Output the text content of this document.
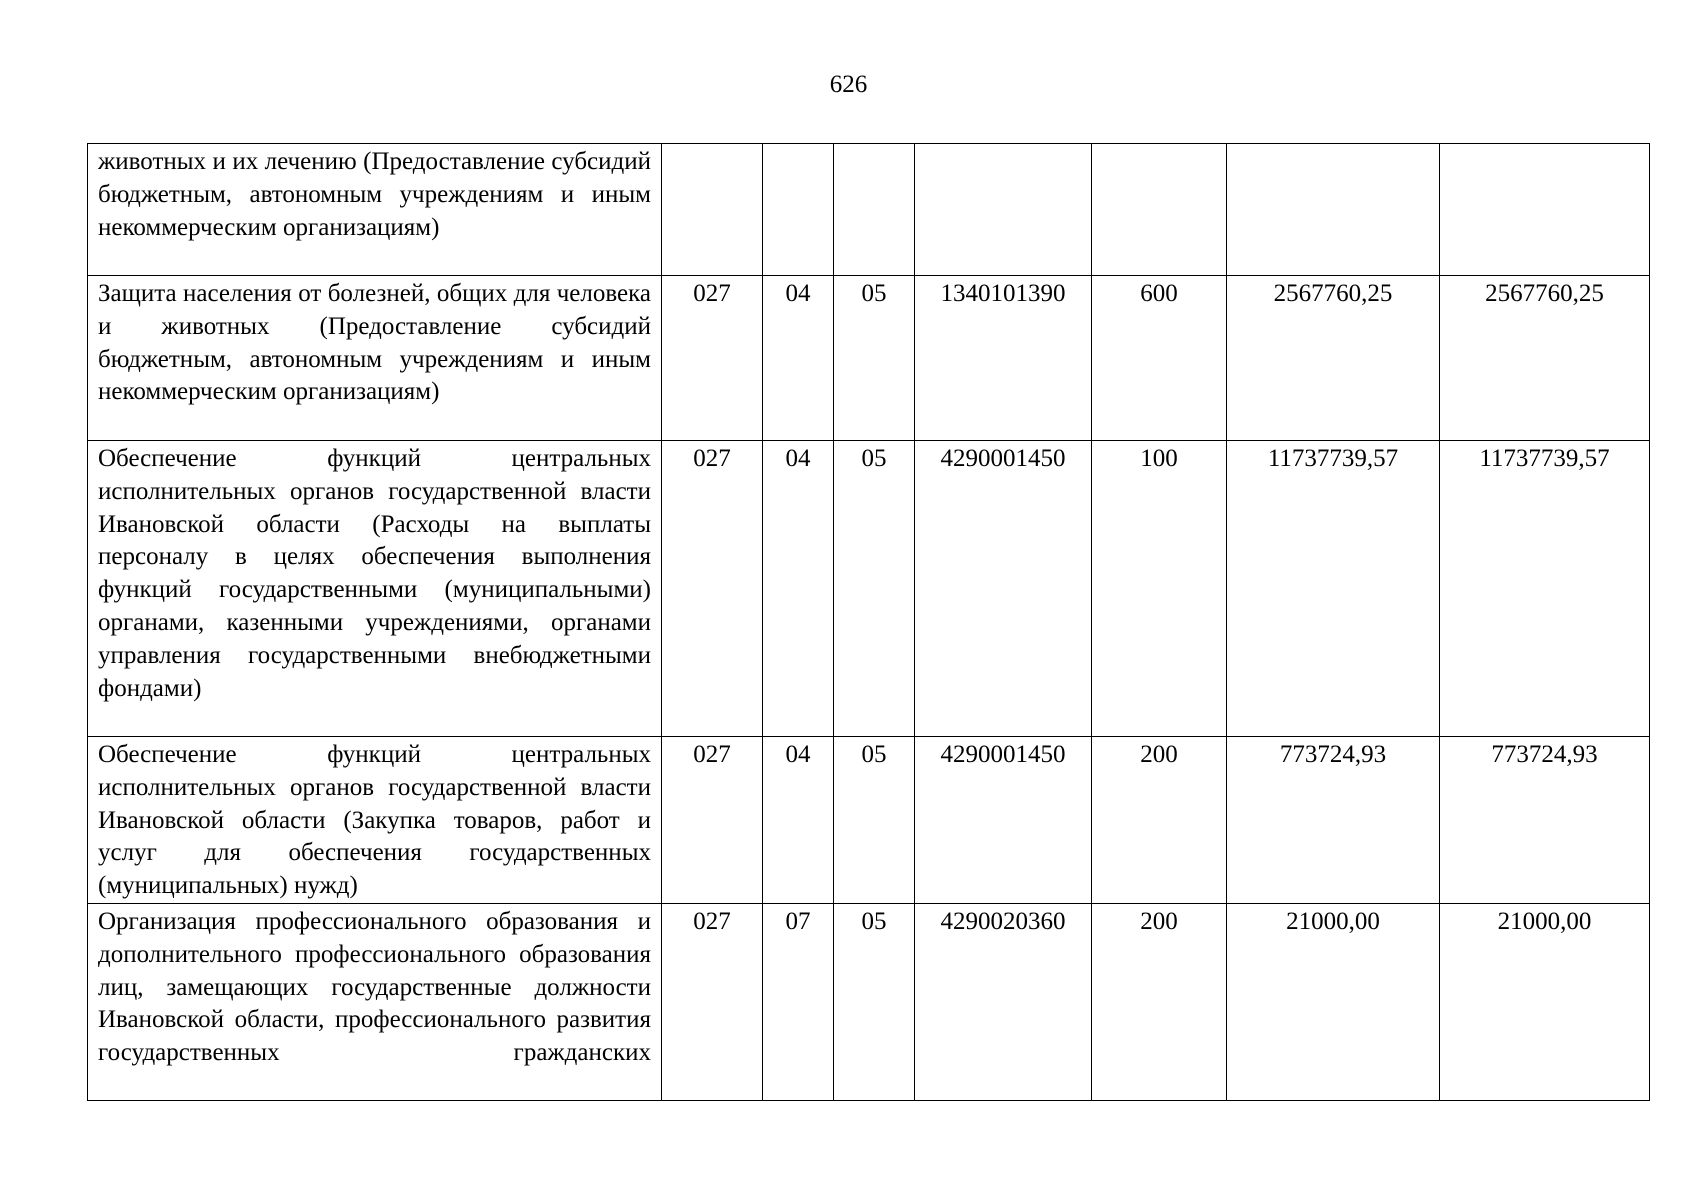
626
животных и их лечению (Предоставление субсидий бюджетным, автономным учреждениям и иным некоммерческим организациям)							
Защита населения от болезней, общих для человека и животных (Предоставление субсидий бюджетным, автономным учреждениям и иным некоммерческим организациям)	027	04	05	1340101390	600	2567760,25	2567760,25
Обеспечение функций центральных исполнительных органов государственной власти Ивановской области (Расходы на выплаты персоналу в целях обеспечения выполнения функций государственными (муниципальными) органами, казенными учреждениями, органами управления государственными внебюджетными фондами)	027	04	05	4290001450	100	11737739,57	11737739,57
Обеспечение функций центральных исполнительных органов государственной власти Ивановской области (Закупка товаров, работ и услуг для обеспечения государственных (муниципальных) нужд)	027	04	05	4290001450	200	773724,93	773724,93
Организация профессионального образования и дополнительного профессионального образования лиц, замещающих государственные должности Ивановской области, профессионального развития государственных гражданских	027	07	05	4290020360	200	21000,00	21000,00
